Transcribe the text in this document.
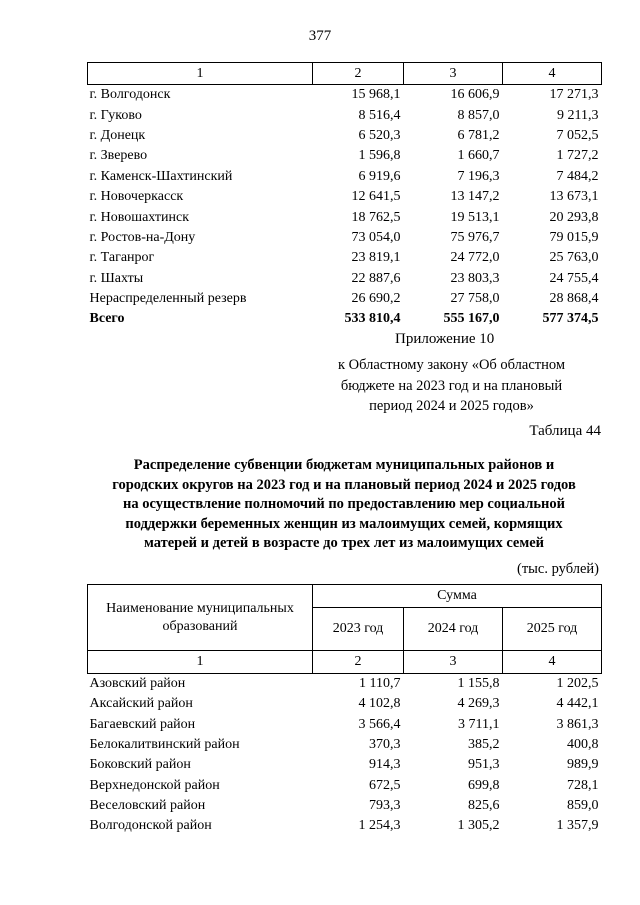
377
1	2	3	4
г. Волгодонск	15 968,1	16 606,9	17 271,3
г. Гуково	8 516,4	8 857,0	9 211,3
г. Донецк	6 520,3	6 781,2	7 052,5
г. Зверево	1 596,8	1 660,7	1 727,2
г. Каменск-Шахтинский	6 919,6	7 196,3	7 484,2
г. Новочеркасск	12 641,5	13 147,2	13 673,1
г. Новошахтинск	18 762,5	19 513,1	20 293,8
г. Ростов-на-Дону	73 054,0	75 976,7	79 015,9
г. Таганрог	23 819,1	24 772,0	25 763,0
г. Шахты	22 887,6	23 803,3	24 755,4
Нераспределенный резерв	26 690,2	27 758,0	28 868,4
Всего	533 810,4	555 167,0	577 374,5
Приложение 10
к Областному закону «Об областном
бюджете на 2023 год и на плановый
период 2024 и 2025 годов»
Таблица 44
Распределение субвенции бюджетам муниципальных районов и
городских округов на 2023 год и на плановый период 2024 и 2025 годов
на осуществление полномочий по предоставлению мер социальной
поддержки беременных женщин из малоимущих семей, кормящих
матерей и детей в возрасте до трех лет из малоимущих семей
(тыс. рублей)
Наименование муниципальных
образований	Сумма		
	2023 год	2024 год	2025 год
1	2	3	4
Азовский район	1 110,7	1 155,8	1 202,5
Аксайский район	4 102,8	4 269,3	4 442,1
Багаевский район	3 566,4	3 711,1	3 861,3
Белокалитвинский район	370,3	385,2	400,8
Боковский район	914,3	951,3	989,9
Верхнедонской район	672,5	699,8	728,1
Веселовский район	793,3	825,6	859,0
Волгодонской район	1 254,3	1 305,2	1 357,9
